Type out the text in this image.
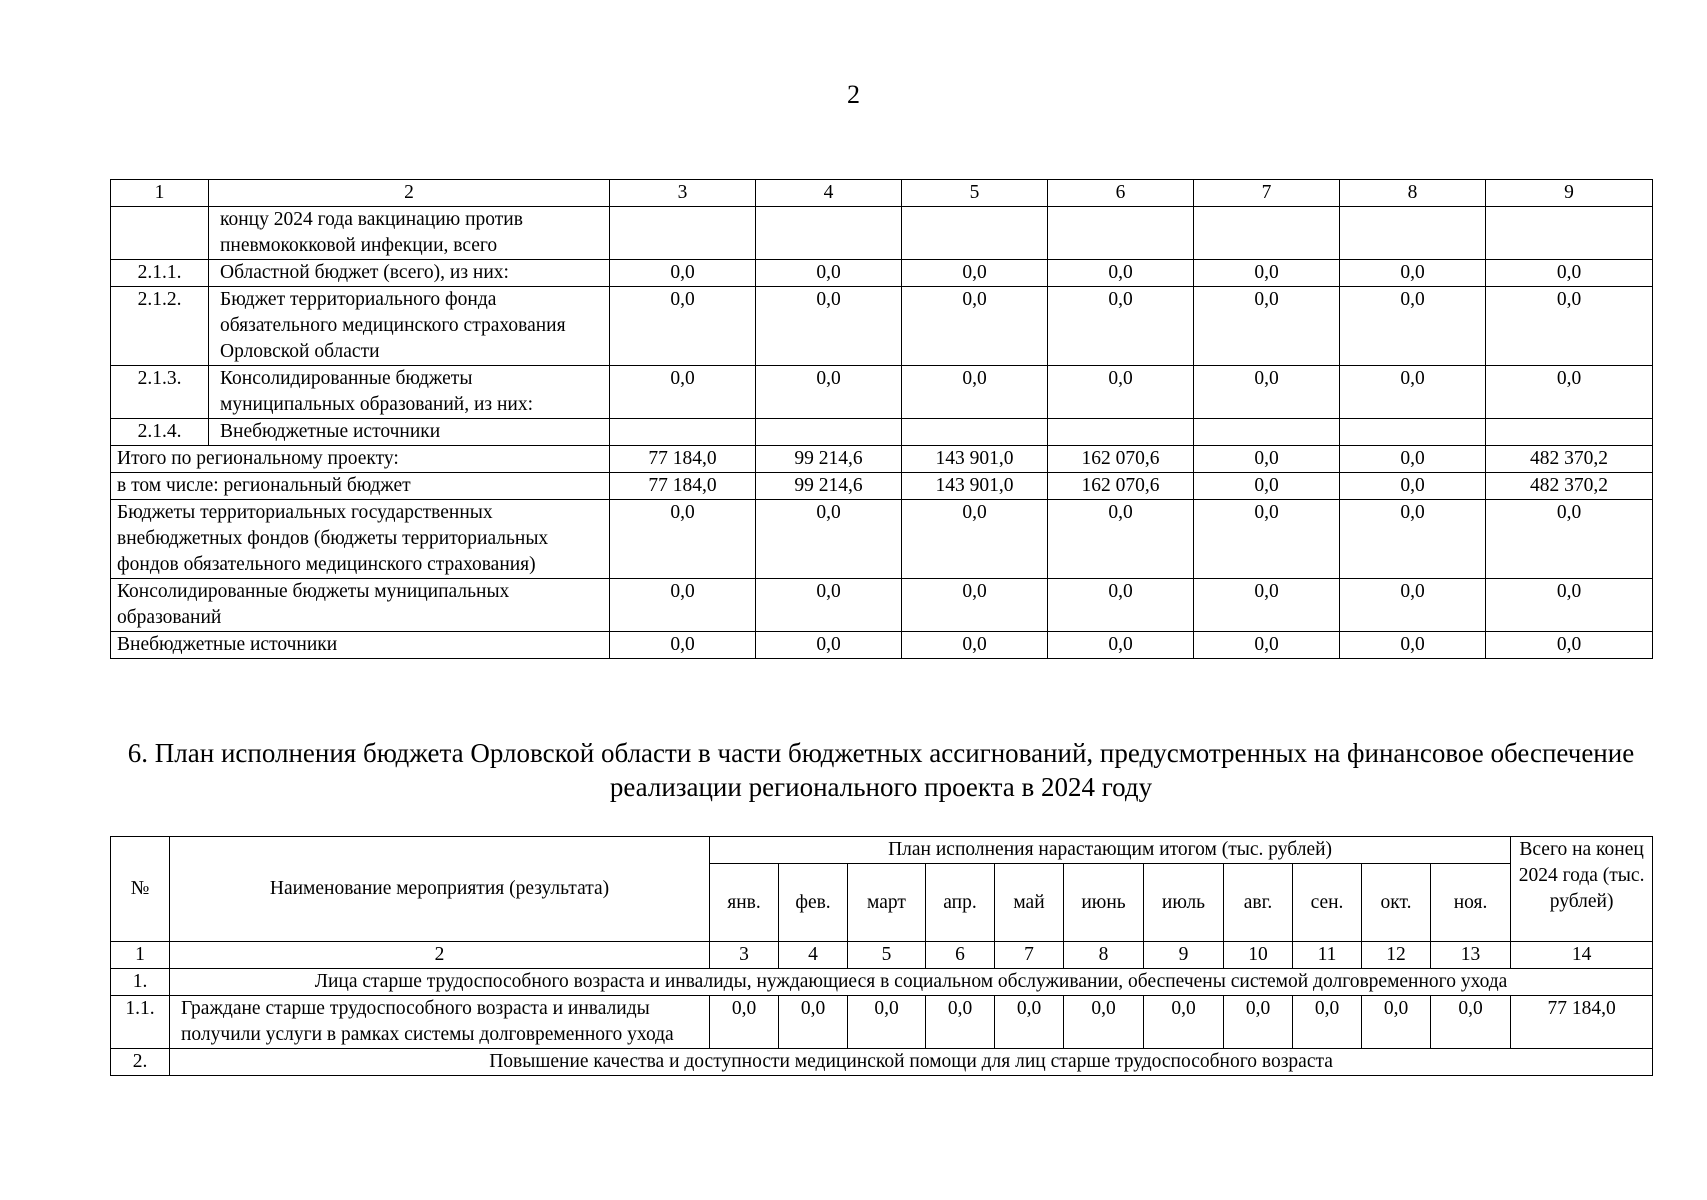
2
1	2	3	4	5	6	7	8	9
	концу 2024 года вакцинацию против пневмококковой инфекции, всего							
2.1.1.	Областной бюджет (всего), из них:	0,0	0,0	0,0	0,0	0,0	0,0	0,0
2.1.2.	Бюджет территориального фонда обязательного медицинского страхования Орловской области	0,0	0,0	0,0	0,0	0,0	0,0	0,0
2.1.3.	Консолидированные бюджеты муниципальных образований, из них:	0,0	0,0	0,0	0,0	0,0	0,0	0,0
2.1.4.	Внебюджетные источники							
Итого по региональному проекту:		77 184,0	99 214,6	143 901,0	162 070,6	0,0	0,0	482 370,2
в том числе: региональный бюджет		77 184,0	99 214,6	143 901,0	162 070,6	0,0	0,0	482 370,2
Бюджеты территориальных государственных внебюджетных фондов (бюджеты территориальных фондов обязательного медицинского страхования)		0,0	0,0	0,0	0,0	0,0	0,0	0,0
Консолидированные бюджеты муниципальных образований		0,0	0,0	0,0	0,0	0,0	0,0	0,0
Внебюджетные источники		0,0	0,0	0,0	0,0	0,0	0,0	0,0
6. План исполнения бюджета Орловской области в части бюджетных ассигнований, предусмотренных на финансовое обеспечение реализации регионального проекта в 2024 году
№	Наименование мероприятия (результата)	План исполнения нарастающим итогом (тыс. рублей)											Всего на конец 2024 года (тыс. рублей)
		янв.	фев.	март	апр.	май	июнь	июль	авг.	сен.	окт.	ноя.	
1	2	3	4	5	6	7	8	9	10	11	12	13	14
1.	Лица старше трудоспособного возраста и инвалиды, нуждающиеся в социальном обслуживании, обеспечены системой долговременного ухода												
1.1.	Граждане старше трудоспособного возраста и инвалиды получили услуги в рамках системы долговременного ухода	0,0	0,0	0,0	0,0	0,0	0,0	0,0	0,0	0,0	0,0	0,0	77 184,0
2.	Повышение качества и доступности медицинской помощи для лиц старше трудоспособного возраста												
